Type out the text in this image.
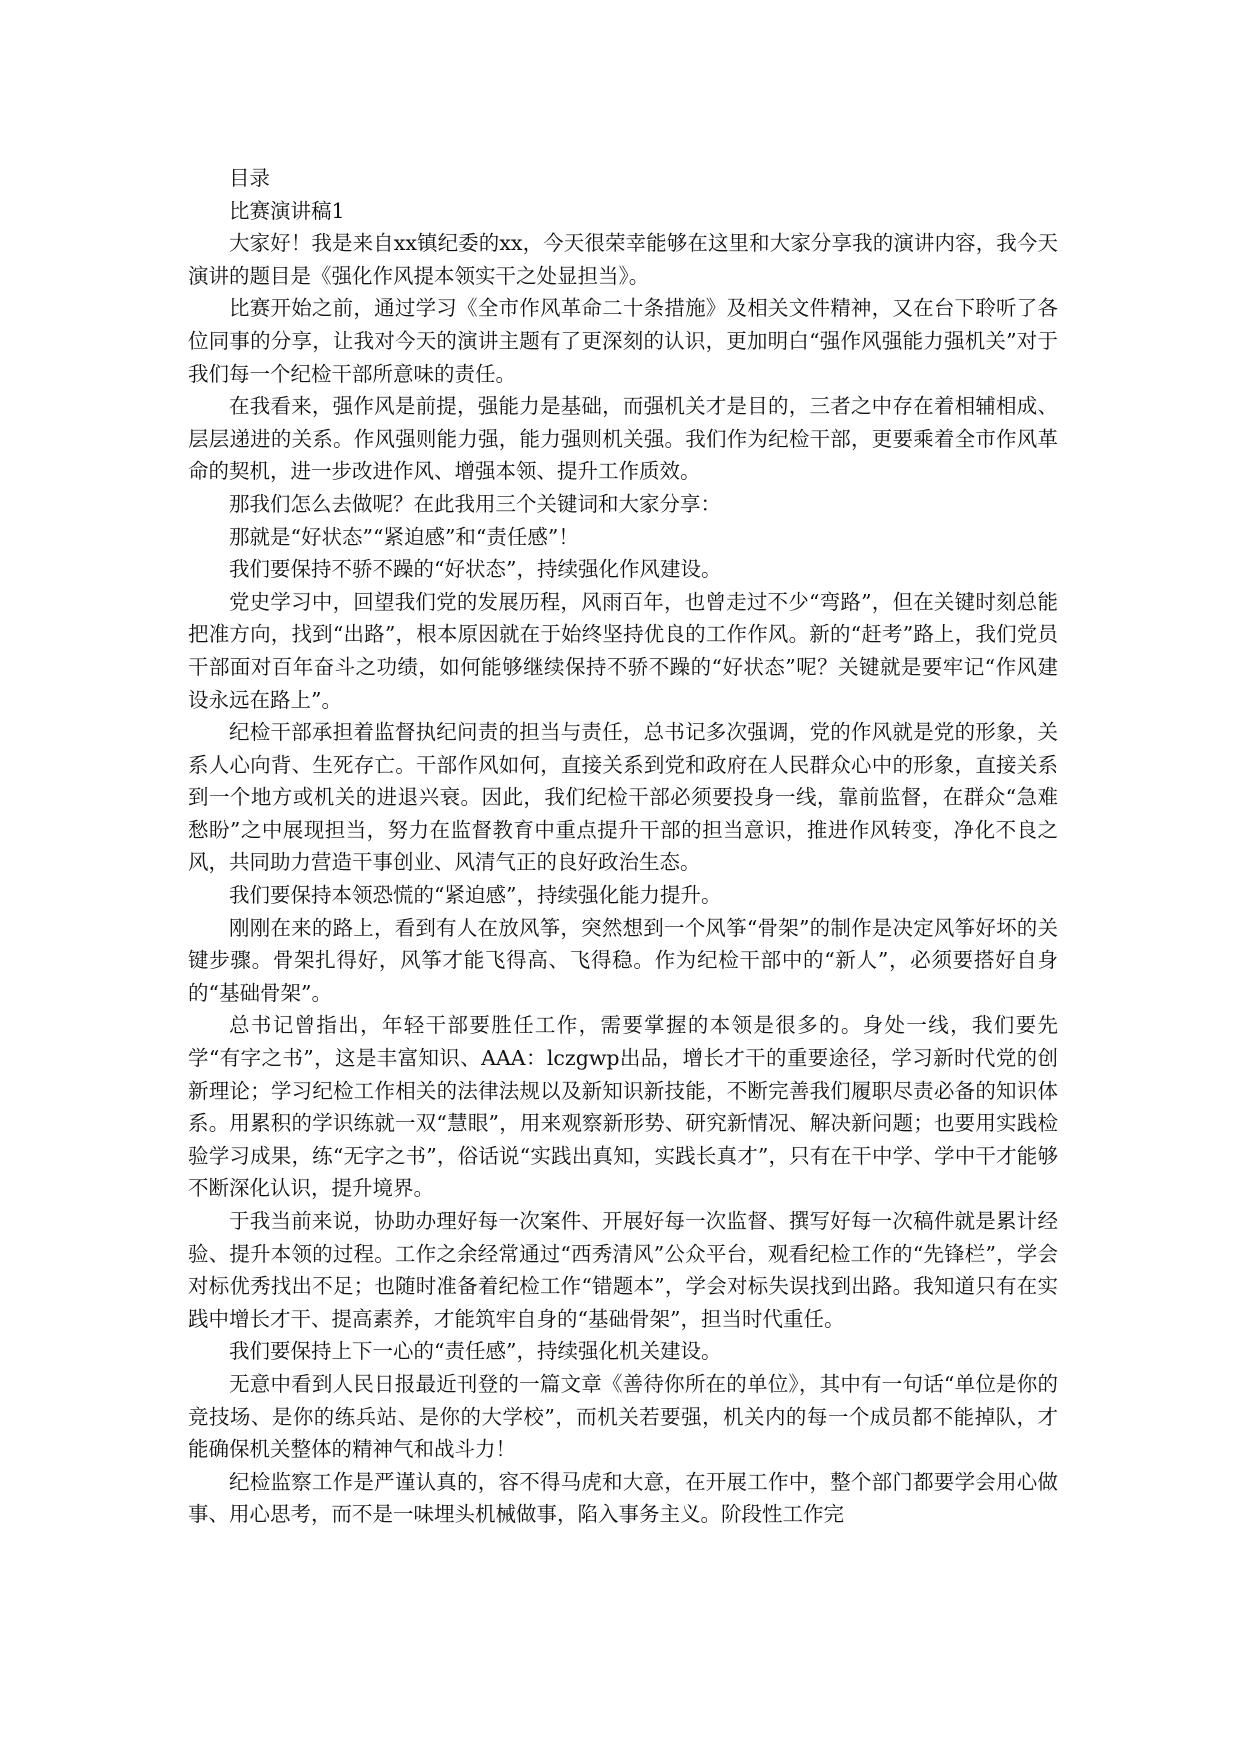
目录

比赛演讲稿1

大家好！我是来自xx镇纪委的xx，今天很荣幸能够在这里和大家分享我的演讲内容，我今天演讲的题目是《强化作风提本领实干之处显担当》。

比赛开始之前，通过学习《全市作风革命二十条措施》及相关文件精神，又在台下聆听了各位同事的分享，让我对今天的演讲主题有了更深刻的认识，更加明白“强作风强能力强机关”对于我们每一个纪检干部所意味的责任。

在我看来，强作风是前提，强能力是基础，而强机关才是目的，三者之中存在着相辅相成、层层递进的关系。作风强则能力强，能力强则机关强。我们作为纪检干部，更要乘着全市作风革命的契机，进一步改进作风、增强本领、提升工作质效。

那我们怎么去做呢？在此我用三个关键词和大家分享：

那就是“好状态”“紧迫感”和“责任感”！

我们要保持不骄不躁的“好状态”，持续强化作风建设。

党史学习中，回望我们党的发展历程，风雨百年，也曾走过不少“弯路”，但在关键时刻总能把准方向，找到“出路”，根本原因就在于始终坚持优良的工作作风。新的“赶考”路上，我们党员干部面对百年奋斗之功绩，如何能够继续保持不骄不躁的“好状态”呢？关键就是要牢记“作风建设永远在路上”。

纪检干部承担着监督执纪问责的担当与责任，总书记多次强调，党的作风就是党的形象，关系人心向背、生死存亡。干部作风如何，直接关系到党和政府在人民群众心中的形象，直接关系到一个地方或机关的进退兴衰。因此，我们纪检干部必须要投身一线，靠前监督，在群众“急难愁盼”之中展现担当，努力在监督教育中重点提升干部的担当意识，推进作风转变，净化不良之风，共同助力营造干事创业、风清气正的良好政治生态。

我们要保持本领恐慌的“紧迫感”，持续强化能力提升。

刚刚在来的路上，看到有人在放风筝，突然想到一个风筝“骨架”的制作是决定风筝好坏的关键步骤。骨架扎得好，风筝才能飞得高、飞得稳。作为纪检干部中的“新人”，必须要搭好自身的“基础骨架”。

总书记曾指出，年轻干部要胜任工作，需要掌握的本领是很多的。身处一线，我们要先学“有字之书”，这是丰富知识、AAA：lczgwp出品，增长才干的重要途径，学习新时代党的创新理论；学习纪检工作相关的法律法规以及新知识新技能，不断完善我们履职尽责必备的知识体系。用累积的学识练就一双“慧眼”，用来观察新形势、研究新情况、解决新问题；也要用实践检验学习成果，练“无字之书”，俗话说“实践出真知，实践长真才”，只有在干中学、学中干才能够不断深化认识，提升境界。

于我当前来说，协助办理好每一次案件、开展好每一次监督、撰写好每一次稿件就是累计经验、提升本领的过程。工作之余经常通过“西秀清风”公众平台，观看纪检工作的“先锋栏”，学会对标优秀找出不足；也随时准备着纪检工作“错题本”，学会对标失误找到出路。我知道只有在实践中增长才干、提高素养，才能筑牢自身的“基础骨架”，担当时代重任。

我们要保持上下一心的“责任感”，持续强化机关建设。

无意中看到人民日报最近刊登的一篇文章《善待你所在的单位》，其中有一句话“单位是你的竞技场、是你的练兵站、是你的大学校”，而机关若要强，机关内的每一个成员都不能掉队，才能确保机关整体的精神气和战斗力！

纪检监察工作是严谨认真的，容不得马虎和大意，在开展工作中，整个部门都要学会用心做事、用心思考，而不是一味埋头机械做事，陷入事务主义。阶段性工作完
